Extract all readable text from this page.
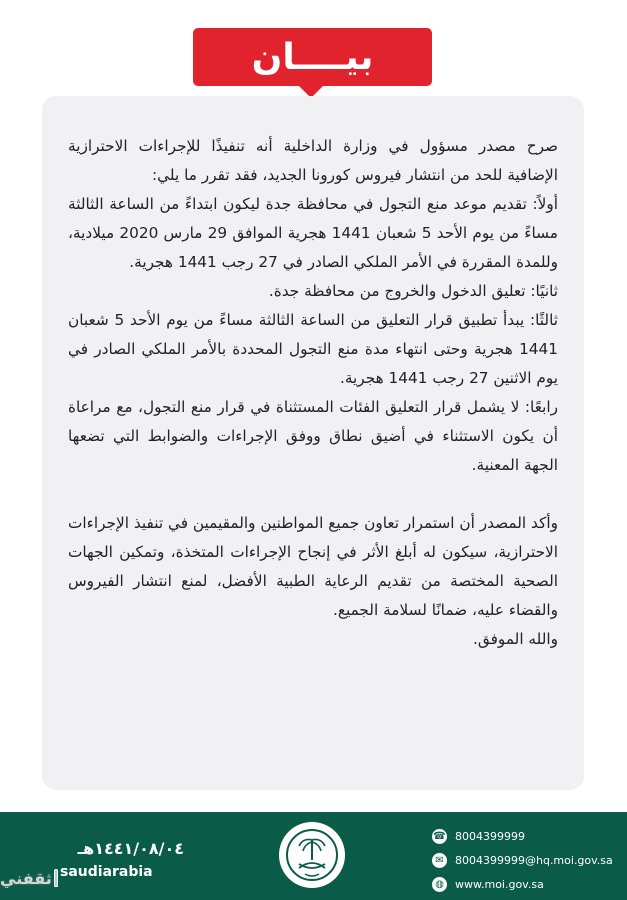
بيــــان

صرح مصدر مسؤول في وزارة الداخلية أنه تنفيذًا للإجراءات الاحترازية الإضافية للحد من انتشار فيروس كورونا الجديد، فقد تقرر ما يلي:

أولاً: تقديم موعد منع التجول في محافظة جدة ليكون ابتداءً من الساعة الثالثة مساءً من يوم الأحد 5 شعبان 1441 هجرية الموافق 29 مارس 2020 ميلادية، وللمدة المقررة في الأمر الملكي الصادر في 27 رجب 1441 هجرية.

ثانيًا: تعليق الدخول والخروج من محافظة جدة.

ثالثًا: يبدأ تطبيق قرار التعليق من الساعة الثالثة مساءً من يوم الأحد 5 شعبان 1441 هجرية وحتى انتهاء مدة منع التجول المحددة بالأمر الملكي الصادر في يوم الاثنين 27 رجب 1441 هجرية.

رابعًا: لا يشمل قرار التعليق الفئات المستثناة في قرار منع التجول، مع مراعاة أن يكون الاستثناء في أضيق نطاق ووفق الإجراءات والضوابط التي تضعها الجهة المعنية.

وأكد المصدر أن استمرار تعاون جميع المواطنين والمقيمين في تنفيذ الإجراءات الاحترازية، سيكون له أبلغ الأثر في إنجاح الإجراءات المتخذة، وتمكين الجهات الصحية المختصة من تقديم الرعاية الطبية الأفضل، لمنع انتشار الفيروس والقضاء عليه، ضمانًا لسلامة الجميع.

والله الموفق.

☎ 8004399999
✉	8004399999@hq.moi.gov.sa
◍ www.moi.gov.sa
١٤٤١/٠٨/٠٤هـ
saudiarabia
ثقفني
